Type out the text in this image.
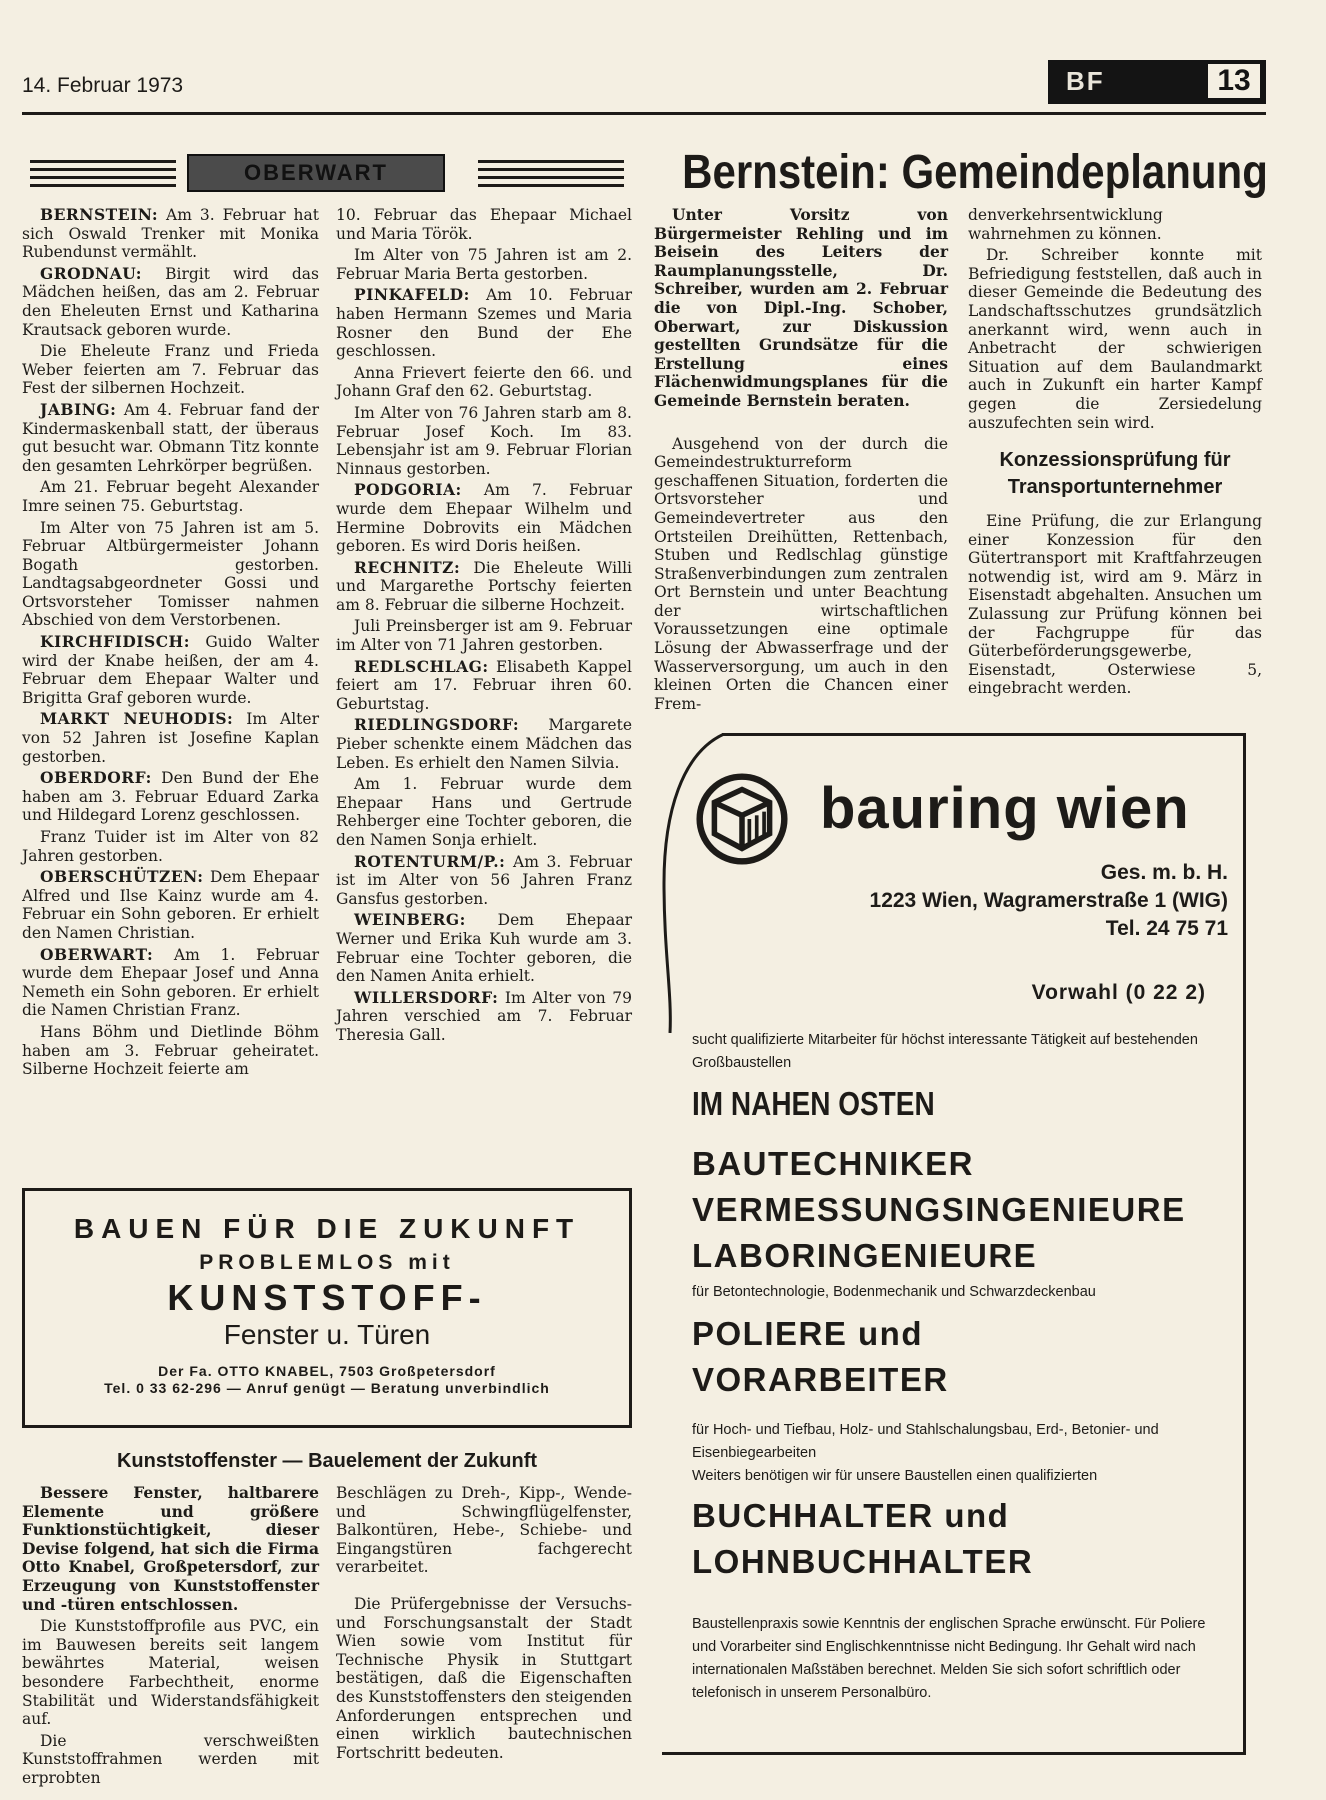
14. Februar 1973	BF	13
OBERWART

BERNSTEIN: Am 3. Februar hat sich Oswald Trenker mit Monika Rubendunst vermählt.

GRODNAU: Birgit wird das Mädchen heißen, das am 2. Februar den Eheleuten Ernst und Katharina Krautsack geboren wurde.

Die Eheleute Franz und Frieda Weber feierten am 7. Februar das Fest der silbernen Hochzeit.

JABING: Am 4. Februar fand der Kindermaskenball statt, der überaus gut besucht war. Obmann Titz konnte den gesamten Lehrkörper begrüßen.

Am 21. Februar begeht Alexander Imre seinen 75. Geburtstag.

Im Alter von 75 Jahren ist am 5. Februar Altbürgermeister Johann Bogath gestorben. Landtagsabgeordneter Gossi und Ortsvorsteher Tomisser nahmen Abschied von dem Verstorbenen.

KIRCHFIDISCH: Guido Walter wird der Knabe heißen, der am 4. Februar dem Ehepaar Walter und Brigitta Graf geboren wurde.

MARKT NEUHODIS: Im Alter von 52 Jahren ist Josefine Kaplan gestorben.

OBERDORF: Den Bund der Ehe haben am 3. Februar Eduard Zarka und Hildegard Lorenz geschlossen.

Franz Tuider ist im Alter von 82 Jahren gestorben.

OBERSCHÜTZEN: Dem Ehepaar Alfred und Ilse Kainz wurde am 4. Februar ein Sohn geboren. Er erhielt den Namen Christian.

OBERWART: Am 1. Februar wurde dem Ehepaar Josef und Anna Nemeth ein Sohn geboren. Er erhielt die Namen Christian Franz.

Hans Böhm und Dietlinde Böhm haben am 3. Februar geheiratet. Silberne Hochzeit feierte am

10. Februar das Ehepaar Michael und Maria Török.

Im Alter von 75 Jahren ist am 2. Februar Maria Berta gestorben.

PINKAFELD: Am 10. Februar haben Hermann Szemes und Maria Rosner den Bund der Ehe geschlossen.

Anna Frievert feierte den 66. und Johann Graf den 62. Geburtstag.

Im Alter von 76 Jahren starb am 8. Februar Josef Koch. Im 83. Lebensjahr ist am 9. Februar Florian Ninnaus gestorben.

PODGORIA: Am 7. Februar wurde dem Ehepaar Wilhelm und Hermine Dobrovits ein Mädchen geboren. Es wird Doris heißen.

RECHNITZ: Die Eheleute Willi und Margarethe Portschy feierten am 8. Februar die silberne Hochzeit.

Juli Preinsberger ist am 9. Februar im Alter von 71 Jahren gestorben.

REDLSCHLAG: Elisabeth Kappel feiert am 17. Februar ihren 60. Geburtstag.

RIEDLINGSDORF: Margarete Pieber schenkte einem Mädchen das Leben. Es erhielt den Namen Silvia.

Am 1. Februar wurde dem Ehepaar Hans und Gertrude Rehberger eine Tochter geboren, die den Namen Sonja erhielt.

ROTENTURM/P.: Am 3. Februar ist im Alter von 56 Jahren Franz Gansfus gestorben.

WEINBERG: Dem Ehepaar Werner und Erika Kuh wurde am 3. Februar eine Tochter geboren, die den Namen Anita erhielt.

WILLERSDORF: Im Alter von 79 Jahren verschied am 7. Februar Theresia Gall.

Bernstein: Gemeindeplanung

Unter Vorsitz von Bürgermeister Rehling und im Beisein des Leiters der Raumplanungsstelle, Dr. Schreiber, wurden am 2. Februar die von Dipl.-Ing. Schober, Oberwart, zur Diskussion gestellten Grundsätze für die Erstellung eines Flächenwidmungsplanes für die Gemeinde Bernstein beraten.

Ausgehend von der durch die Gemeindestrukturreform geschaffenen Situation, forderten die Ortsvorsteher und Gemeindevertreter aus den Ortsteilen Dreihütten, Rettenbach, Stuben und Redlschlag günstige Straßenverbindungen zum zentralen Ort Bernstein und unter Beachtung der wirtschaftlichen Voraussetzungen eine optimale Lösung der Abwasserfrage und der Wasserversorgung, um auch in den kleinen Orten die Chancen einer Frem-

denverkehrsentwicklung wahrnehmen zu können.

Dr. Schreiber konnte mit Befriedigung feststellen, daß auch in dieser Gemeinde die Bedeutung des Landschaftsschutzes grundsätzlich anerkannt wird, wenn auch in Anbetracht der schwierigen Situation auf dem Baulandmarkt auch in Zukunft ein harter Kampf gegen die Zersiedelung auszufechten sein wird.

Konzessionsprüfung für
Transportunternehmer

Eine Prüfung, die zur Erlangung einer Konzession für den Gütertransport mit Kraftfahrzeugen notwendig ist, wird am 9. März in Eisenstadt abgehalten. Ansuchen um Zulassung zur Prüfung können bei der Fachgruppe für das Güterbeförderungsgewerbe, Eisenstadt, Osterwiese 5, eingebracht werden.

BAUEN FÜR DIE ZUKUNFT
PROBLEMLOS mit
KUNSTSTOFF-
Fenster u. Türen
Der Fa. OTTO KNABEL, 7503 Großpetersdorf
Tel. 0 33 62-296 — Anruf genügt — Beratung unverbindlich
Kunststoffenster — Bauelement der Zukunft

Bessere Fenster, haltbarere Elemente und größere Funktionstüchtigkeit, dieser Devise folgend, hat sich die Firma Otto Knabel, Großpetersdorf, zur Erzeugung von Kunststoffenster und -türen entschlossen.

Die Kunststoffprofile aus PVC, ein im Bauwesen bereits seit langem bewährtes Material, weisen besondere Farbechtheit, enorme Stabilität und Widerstandsfähigkeit auf.

Die verschweißten Kunststoffrahmen werden mit erprobten

Beschlägen zu Dreh-, Kipp-, Wende- und Schwingflügelfenster, Balkontüren, Hebe-, Schiebe- und Eingangstüren fachgerecht verarbeitet.

Die Prüfergebnisse der Versuchs- und Forschungsanstalt der Stadt Wien sowie vom Institut für Technische Physik in Stuttgart bestätigen, daß die Eigenschaften des Kunststoffensters den steigenden Anforderungen entsprechen und einen wirklich bautechnischen Fortschritt bedeuten.

bauring wien
Ges. m. b. H.
1223 Wien, Wagramerstraße 1 (WIG)
Tel. 24 75 71
Vorwahl (0 22 2)
sucht qualifizierte Mitarbeiter für höchst interessante Tätigkeit auf bestehenden Großbaustellen
IM NAHEN OSTEN
BAUTECHNIKER
VERMESSUNGSINGENIEURE
LABORINGENIEURE
für Betontechnologie, Bodenmechanik und Schwarzdeckenbau
POLIERE und
VORARBEITER
für Hoch- und Tiefbau, Holz- und Stahlschalungsbau, Erd-, Betonier- und Eisenbiegearbeiten
Weiters benötigen wir für unsere Baustellen einen qualifizierten
BUCHHALTER und
LOHNBUCHHALTER
Baustellenpraxis sowie Kenntnis der englischen Sprache erwünscht. Für Poliere und Vorarbeiter sind Englischkenntnisse nicht Bedingung. Ihr Gehalt wird nach internationalen Maßstäben berechnet. Melden Sie sich sofort schriftlich oder telefonisch in unserem Personalbüro.
